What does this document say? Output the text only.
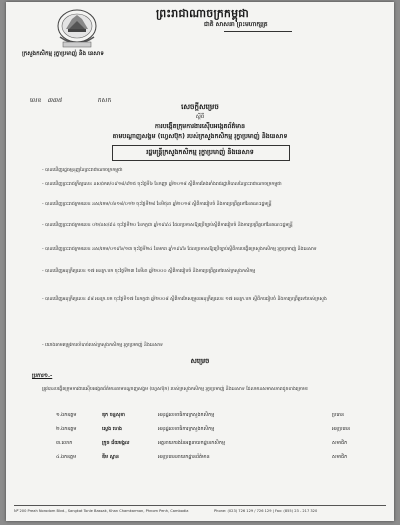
ព្រះរាជាណាចក្រកម្ពុជា
ជាតិ សាសនា ព្រះមហាក្សត្រ
ក្រសួងកសិកម្ម រុក្ខាប្រមាញ់ និង នេសាទ
លេខ ៣៣៥	កសក
សេចក្តីសម្រេច
ស្តីពី
ការបង្កើតក្រុមការងារស៊ើបអង្កេតព័ត៌មាន
តាមបណ្តាញសង្គម (ហ្វេសប៊ុក) របស់ក្រសួងកសិកម្ម រុក្ខាប្រមាញ់ និងនេសាទ
រដ្ឋមន្ត្រីក្រសួងកសិកម្ម រុក្ខាប្រមាញ់ និងនេសាទ
- បានឃើញរដ្ឋធម្មនុញ្ញនៃព្រះរាជាណាចក្រកម្ពុជា
- បានឃើញព្រះរាជក្រឹត្យលេខ នស/រកត/០៩១៨/៩២៥ ចុះថ្ងៃទី៦ ខែកញ្ញា ឆ្នាំ២០១៨ ស្តីពីការតែងតាំងរាជរដ្ឋាភិបាលនៃព្រះរាជាណាចក្រកម្ពុជា
- បានឃើញព្រះរាជក្រមលេខ នស/រកម/០៦១៨/០១២ ចុះថ្ងៃទី២៨ ខែមិថុនា ឆ្នាំ២០១៨ ស្តីពីការរៀបចំ និងការប្រព្រឹត្តទៅនៃគណៈរដ្ឋមន្ត្រី
- បានឃើញព្រះរាជក្រមលេខ ០២/នស/៩៤ ចុះថ្ងៃទី២០ ខែកក្កដា ឆ្នាំ១៩៩៤ ដែលប្រកាសឱ្យប្រើច្បាប់ស្តីពីការរៀបចំ និងការប្រព្រឹត្តទៅនៃគណៈរដ្ឋមន្ត្រី
- បានឃើញព្រះរាជក្រមលេខ នស/រកម/០១៩៦/១៣ ចុះថ្ងៃទី២៤ ខែមករា ឆ្នាំ១៩៩៦ ដែលប្រកាសឱ្យប្រើច្បាប់ស្តីពីការបង្កើតក្រសួងកសិកម្ម រុក្ខាប្រមាញ់ និងនេសាទ
- បានឃើញអនុក្រឹត្យលេខ ១៧ អនក្រ.បក ចុះថ្ងៃទី២៣ ខែមីនា ឆ្នាំ២០០០ ស្តីពីការរៀបចំ និងការប្រព្រឹត្តទៅរបស់ក្រសួងកសិកម្ម
- បានឃើញអនុក្រឹត្យលេខ ៩៨ អនក្រ.បក ចុះថ្ងៃទី១៧ ខែកក្កដា ឆ្នាំ២០០៨ ស្តីពីការកែសម្រួលអនុក្រឹត្យលេខ ១៧ អនក្រ.បក ស្តីពីការរៀបចំ និងការប្រព្រឹត្តទៅរបស់ក្រសួង
- យោងតាមតម្រូវការចាំបាច់របស់ក្រសួងកសិកម្ម រុក្ខាប្រមាញ់ និងនេសាទ
សម្រេច
ប្រការ១.-
ត្រូវបានបង្កើតក្រុមការងារស៊ើបអង្កេតព័ត៌មានតាមបណ្តាញសង្គម (ហ្វេសប៊ុក) របស់ក្រសួងកសិកម្ម រុក្ខាប្រមាញ់ និងនេសាទ ដែលមានសមាសភាពដូចខាងក្រោម៖
១.ឯកឧត្តម	ឌុក ចន្ទសុខា	អនុរដ្ឋលេខាធិការក្រសួងកសិកម្ម	ប្រធាន
២.ឯកឧត្តម	ស្វេង ហេង	អនុរដ្ឋលេខាធិការក្រសួងកសិកម្ម	អនុប្រធាន
៣.លោក	ក្រូច ជ័យមង្គល	អគ្គនាយករងនៃអគ្គនាយកដ្ឋានកសិកម្ម	សមាជិក
៤.ឯកឧត្តម	ឌឹម ស្វាន	អនុប្រធាននាយកដ្ឋានព័ត៌មាន	សមាជិក
Nº 200 Preah Norodom Blvd., Sangkat Tonle Bassak, Khan Chamkarmon, Phnom Penh, Cambodia	Phone: (023) 726 129 / 726 129 | Fax: (855) 23 - 217 320
